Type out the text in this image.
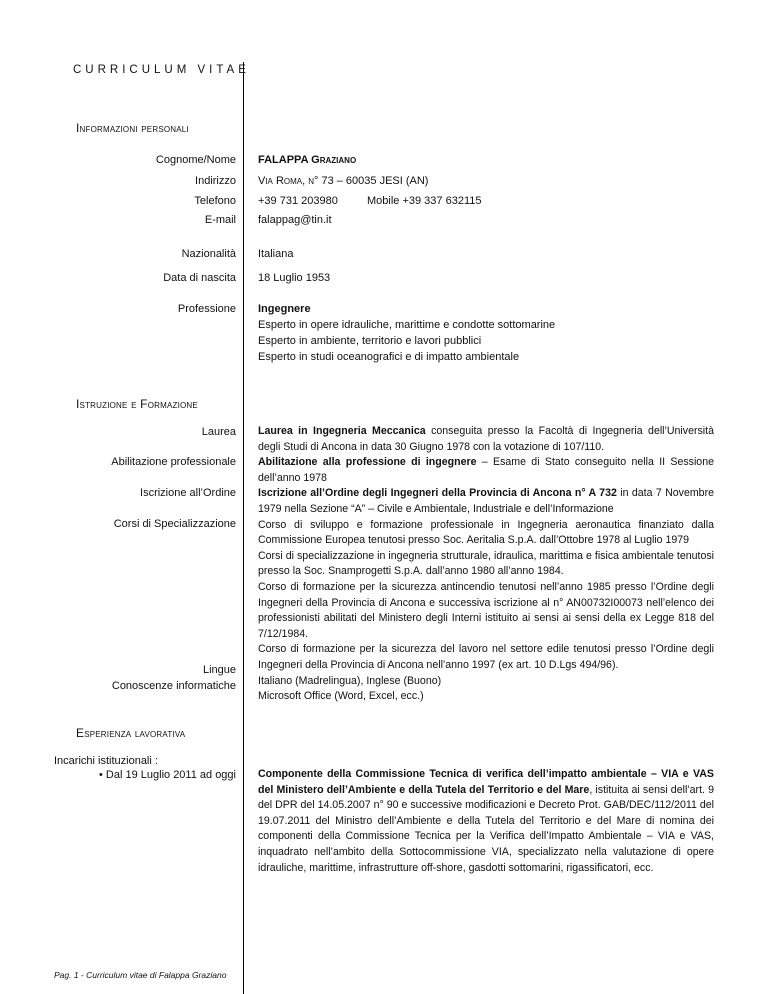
CURRICULUM VITAE
Informazioni personali
Cognome/Nome FALAPPA Graziano
Indirizzo Via Roma, n° 73 – 60035 JESI (AN)
Telefono +39 731 203980	Mobile +39 337 632115
E-mail falappag@tin.it
Nazionalità Italiana
Data di nascita 18 Luglio 1953
Professione Ingegnere
Esperto in opere idrauliche, marittime e condotte sottomarine
Esperto in ambiente, territorio e lavori pubblici
Esperto in studi oceanografici e di impatto ambientale
Istruzione e Formazione
Laurea
Abilitazione professionale
Iscrizione all’Ordine
Corsi di Specializzazione
Lingue
Conoscenze informatiche

Laurea in Ingegneria Meccanica conseguita presso la Facoltà di Ingegneria dell’Università degli Studi di Ancona in data 30 Giugno 1978 con la votazione di 107/110.

Abilitazione alla professione di ingegnere – Esame di Stato conseguito nella II Sessione dell’anno 1978

Iscrizione all’Ordine degli Ingegneri della Provincia di Ancona n° A 732 in data 7 Novembre 1979 nella Sezione “A” – Civile e Ambientale, Industriale e dell’Informazione

Corso di sviluppo e formazione professionale in Ingegneria aeronautica finanziato dalla Commissione Europea tenutosi presso Soc. Aeritalia S.p.A. dall’Ottobre 1978 al Luglio 1979

Corsi di specializzazione in ingegneria strutturale, idraulica, marittima e fisica ambientale tenutosi presso la Soc. Snamprogetti S.p.A. dall’anno 1980 all’anno 1984.

Corso di formazione per la sicurezza antincendio tenutosi nell’anno 1985 presso l’Ordine degli Ingegneri della Provincia di Ancona e successiva iscrizione al n° AN00732I00073 nell’elenco dei professionisti abilitati del Ministero degli Interni istituito ai sensi ai sensi della ex Legge 818 del 7/12/1984.

Corso di formazione per la sicurezza del lavoro nel settore edile tenutosi presso l’Ordine degli Ingegneri della Provincia di Ancona nell’anno 1997 (ex art. 10 D.Lgs 494/96).

Italiano (Madrelingua), Inglese (Buono)

Microsoft Office (Word, Excel, ecc.)

Esperienza lavorativa
Incarichi istituzionali :
• Dal 19 Luglio 2011 ad oggi Componente della Commissione Tecnica di verifica dell’impatto ambientale – VIA e VAS del Ministero dell’Ambiente e della Tutela del Territorio e del Mare, istituita ai sensi dell’art. 9 del DPR del 14.05.2007 n° 90 e successive modificazioni e Decreto Prot. GAB/DEC/112/2011 del 19.07.2011 del Ministro dell’Ambiente e della Tutela del Territorio e del Mare di nomina dei componenti della Commissione Tecnica per la Verifica dell’Impatto Ambientale – VIA e VAS, inquadrato nell’ambito della Sottocommissione VIA, specializzato nella valutazione di opere idrauliche, marittime, infrastrutture off-shore, gasdotti sottomarini, rigassificatori, ecc.

Pag. 1 - Curriculum vitae di Falappa Graziano
